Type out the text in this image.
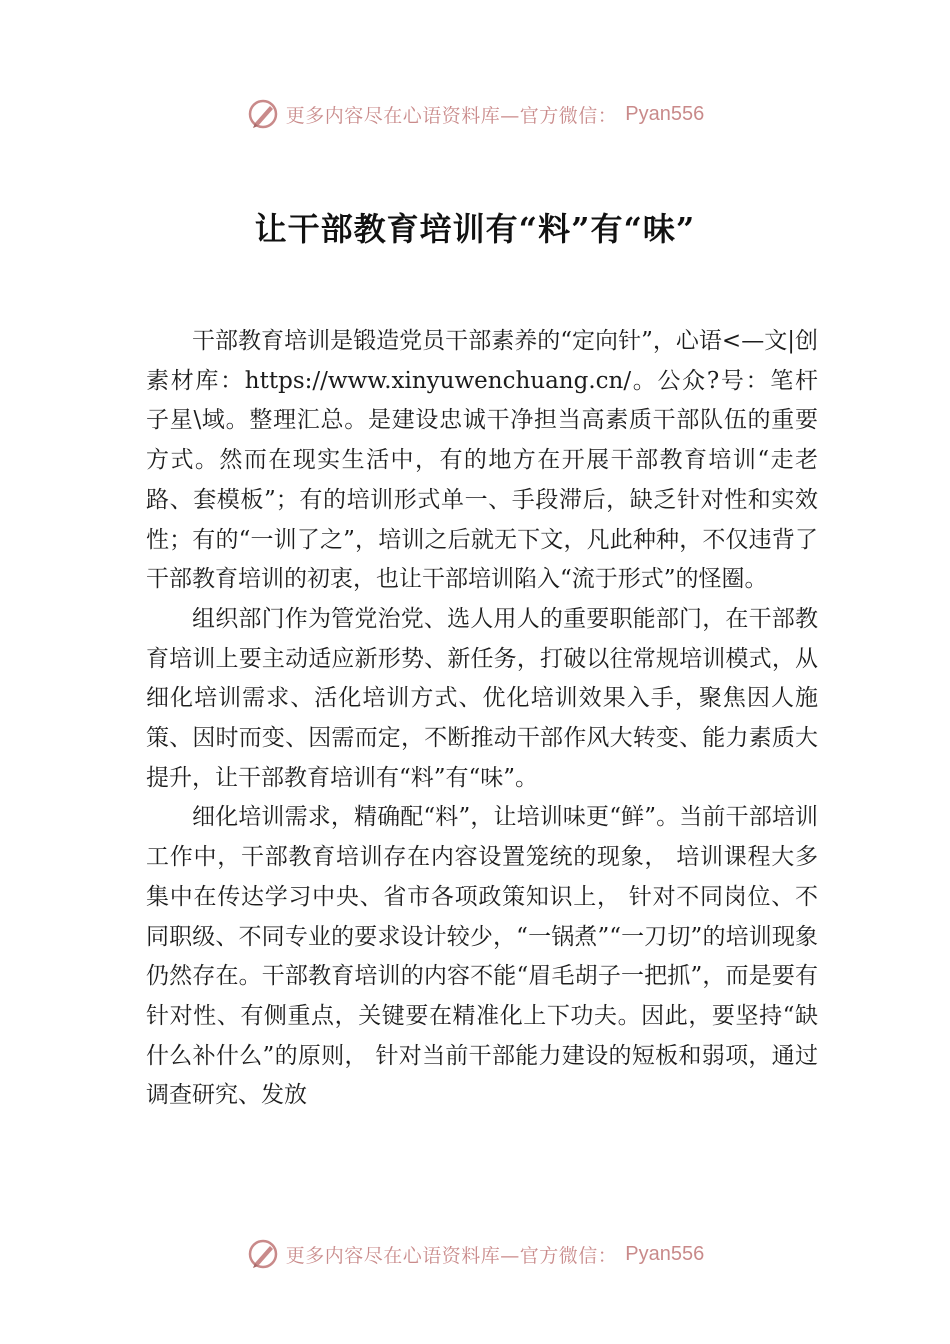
更多内容尽在心语资料库—官方微信： Pyan556
让干部教育培训有“料”有“味”

干部教育培训是锻造党员干部素养的“定向针”，心语<—文|创素材库：https://www.xinyuwenchuang.cn/。公众?号：笔杆子星\域。整理汇总。是建设忠诚干净担当高素质干部队伍的重要方式。然而在现实生活中，有的地方在开展干部教育培训“走老路、套模板”；有的培训形式单一、手段滞后，缺乏针对性和实效性；有的“一训了之”，培训之后就无下文，凡此种种，不仅违背了干部教育培训的初衷，也让干部培训陷入“流于形式”的怪圈。

组织部门作为管党治党、选人用人的重要职能部门，在干部教育培训上要主动适应新形势、新任务，打破以往常规培训模式，从细化培训需求、活化培训方式、优化培训效果入手，聚焦因人施策、因时而变、因需而定，不断推动干部作风大转变、能力素质大提升，让干部教育培训有“料”有“味”。

细化培训需求，精确配“料”，让培训味更“鲜”。当前干部培训工作中，干部教育培训存在内容设置笼统的现象， 培训课程大多集中在传达学习中央、省市各项政策知识上， 针对不同岗位、不同职级、不同专业的要求设计较少，“一锅煮”“一刀切”的培训现象仍然存在。干部教育培训的内容不能“眉毛胡子一把抓”，而是要有针对性、有侧重点，关键要在精准化上下功夫。因此，要坚持“缺什么补什么”的原则， 针对当前干部能力建设的短板和弱项，通过调查研究、发放

更多内容尽在心语资料库—官方微信： Pyan556
